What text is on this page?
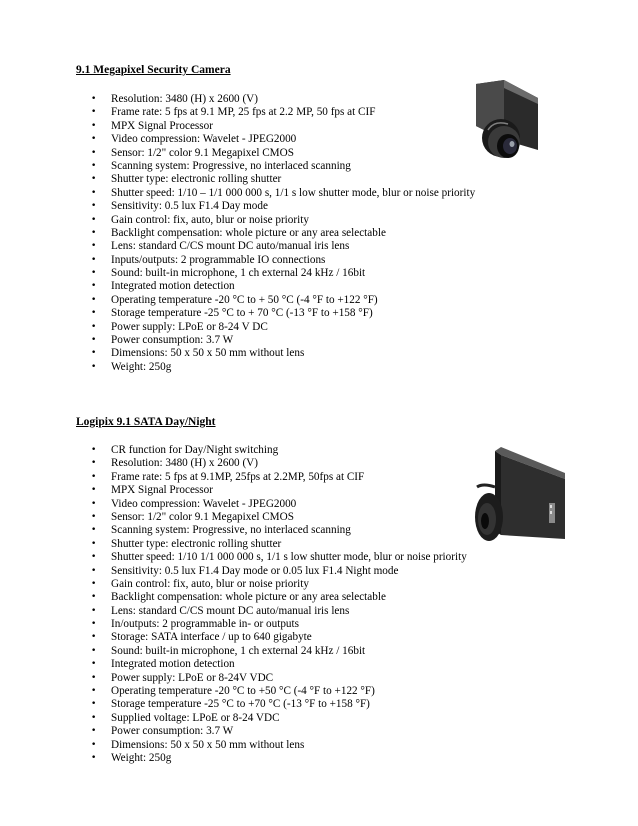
9.1 Megapixel Security Camera
• Resolution: 3480 (H) x 2600 (V)
• Frame rate: 5 fps at 9.1 MP, 25 fps at 2.2 MP, 50 fps at CIF
• MPX Signal Processor
• Video compression: Wavelet - JPEG2000
• Sensor: 1/2" color 9.1 Megapixel CMOS
• Scanning system: Progressive, no interlaced scanning
• Shutter type: electronic rolling shutter
• Shutter speed: 1/10 – 1/1 000 000 s, 1/1 s low shutter mode, blur or noise priority
• Sensitivity: 0.5 lux F1.4 Day mode
• Gain control: fix, auto, blur or noise priority
• Backlight compensation: whole picture or any area selectable
• Lens: standard C/CS mount DC auto/manual iris lens
• Inputs/outputs: 2 programmable IO connections
• Sound: built-in microphone, 1 ch external 24 kHz / 16bit
• Integrated motion detection
• Operating temperature -20 °C to + 50 °C (-4 °F to +122 °F)
• Storage temperature -25 °C to + 70 °C (-13 °F to +158 °F)
• Power supply: LPoE or 8-24 V DC
• Power consumption: 3.7 W
• Dimensions: 50 x 50 x 50 mm without lens
• Weight: 250g
Logipix 9.1 SATA Day/Night
• CR function for Day/Night switching
• Resolution: 3480 (H) x 2600 (V)
• Frame rate: 5 fps at 9.1MP, 25fps at 2.2MP, 50fps at CIF
• MPX Signal Processor
• Video compression: Wavelet - JPEG2000
• Sensor: 1/2" color 9.1 Megapixel CMOS
• Scanning system: Progressive, no interlaced scanning
• Shutter type: electronic rolling shutter
• Shutter speed: 1/10 1/1 000 000 s, 1/1 s low shutter mode, blur or noise priority
• Sensitivity: 0.5 lux F1.4 Day mode or 0.05 lux F1.4 Night mode
• Gain control: fix, auto, blur or noise priority
• Backlight compensation: whole picture or any area selectable
• Lens: standard C/CS mount DC auto/manual iris lens
• In/outputs: 2 programmable in- or outputs
• Storage: SATA interface / up to 640 gigabyte
• Sound: built-in microphone, 1 ch external 24 kHz / 16bit
• Integrated motion detection
• Power supply: LPoE or 8-24V VDC
• Operating temperature -20 °C to +50 °C (-4 °F to +122 °F)
• Storage temperature -25 °C to +70 °C (-13 °F to +158 °F)
• Supplied voltage: LPoE or 8-24 VDC
• Power consumption: 3.7 W
• Dimensions: 50 x 50 x 50 mm without lens
• Weight: 250g
